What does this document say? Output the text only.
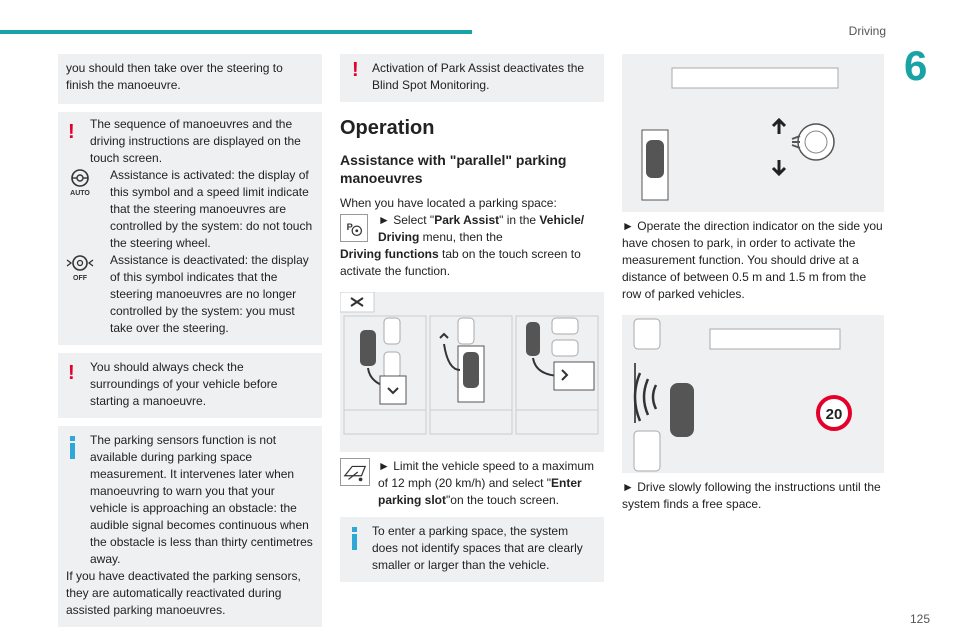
Driving
6
you should then take over the steering to finish the manoeuvre.
!	The sequence of manoeuvres and the driving instructions are displayed on the touch screen.
AUTO
Assistance is activated: the display of this symbol and a speed limit indicate that the steering manoeuvres are controlled by the system: do not touch the steering wheel.
OFF
Assistance is deactivated: the display of this symbol indicates that the steering manoeuvres are no longer controlled by the system: you must take over the steering.
!	You should always check the surroundings of your vehicle before starting a manoeuvre.
The parking sensors function is not available during parking space measurement. It intervenes later when manoeuvring to warn you that your vehicle is approaching an obstacle: the audible signal becomes continuous when the obstacle is less than thirty centimetres away.
If you have deactivated the parking sensors, they are automatically reactivated during assisted parking manoeuvres.
!	Activation of Park Assist deactivates the Blind Spot Monitoring.
Operation
Assistance with "parallel" parking manoeuvres
When you have located a parking space:
P	► Select "Park Assist" in the Vehicle/ Driving menu, then the
Driving functions tab on the touch screen to activate the function.
► Limit the vehicle speed to a maximum of 12 mph (20 km/h) and select "Enter parking slot"on the touch screen.
To enter a parking space, the system does not identify spaces that are clearly smaller or larger than the vehicle.
► Operate the direction indicator on the side you have chosen to park, in order to activate the measurement function. You should drive at a distance of between 0.5 m and 1.5 m from the row of parked vehicles.
20
► Drive slowly following the instructions until the system finds a free space.
125
